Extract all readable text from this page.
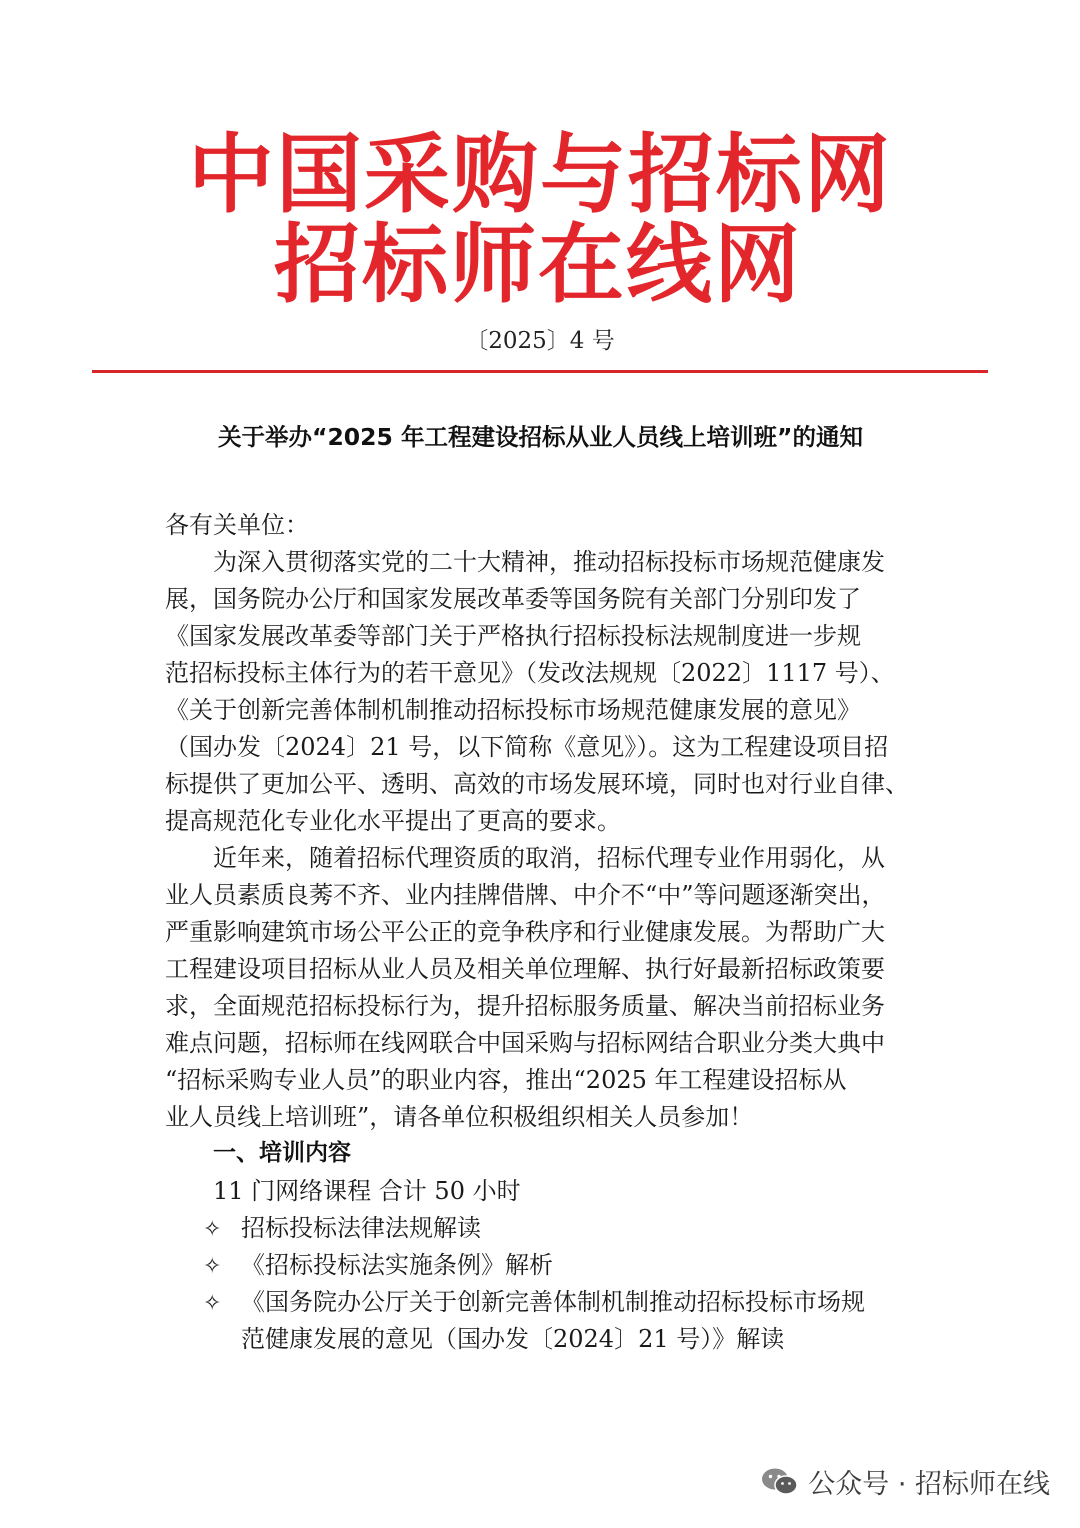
中国采购与招标网
招标师在线网
〔2025〕4 号
关于举办“2025 年工程建设招标从业人员线上培训班”的通知
各有关单位：
　　为深入贯彻落实党的二十大精神，推动招标投标市场规范健康发
展，国务院办公厅和国家发展改革委等国务院有关部门分别印发了
《国家发展改革委等部门关于严格执行招标投标法规制度进一步规
范招标投标主体行为的若干意见》（发改法规规〔2022〕1117 号）、
《关于创新完善体制机制推动招标投标市场规范健康发展的意见》
（国办发〔2024〕21 号，以下简称《意见》）。这为工程建设项目招
标提供了更加公平、透明、高效的市场发展环境，同时也对行业自律、
提高规范化专业化水平提出了更高的要求。
　　近年来，随着招标代理资质的取消，招标代理专业作用弱化，从
业人员素质良莠不齐、业内挂牌借牌、中介不“中”等问题逐渐突出，
严重影响建筑市场公平公正的竞争秩序和行业健康发展。为帮助广大
工程建设项目招标从业人员及相关单位理解、执行好最新招标政策要
求，全面规范招标投标行为，提升招标服务质量、解决当前招标业务
难点问题，招标师在线网联合中国采购与招标网结合职业分类大典中
“招标采购专业人员”的职业内容，推出“2025 年工程建设招标从
业人员线上培训班”，请各单位积极组织相关人员参加！
一、培训内容
11 门网络课程 合计 50 小时
✧ 招标投标法律法规解读
✧ 《招标投标法实施条例》解析
✧ 《国务院办公厅关于创新完善体制机制推动招标投标市场规
范健康发展的意见（国办发〔2024〕21 号）》解读
公众号 · 招标师在线
